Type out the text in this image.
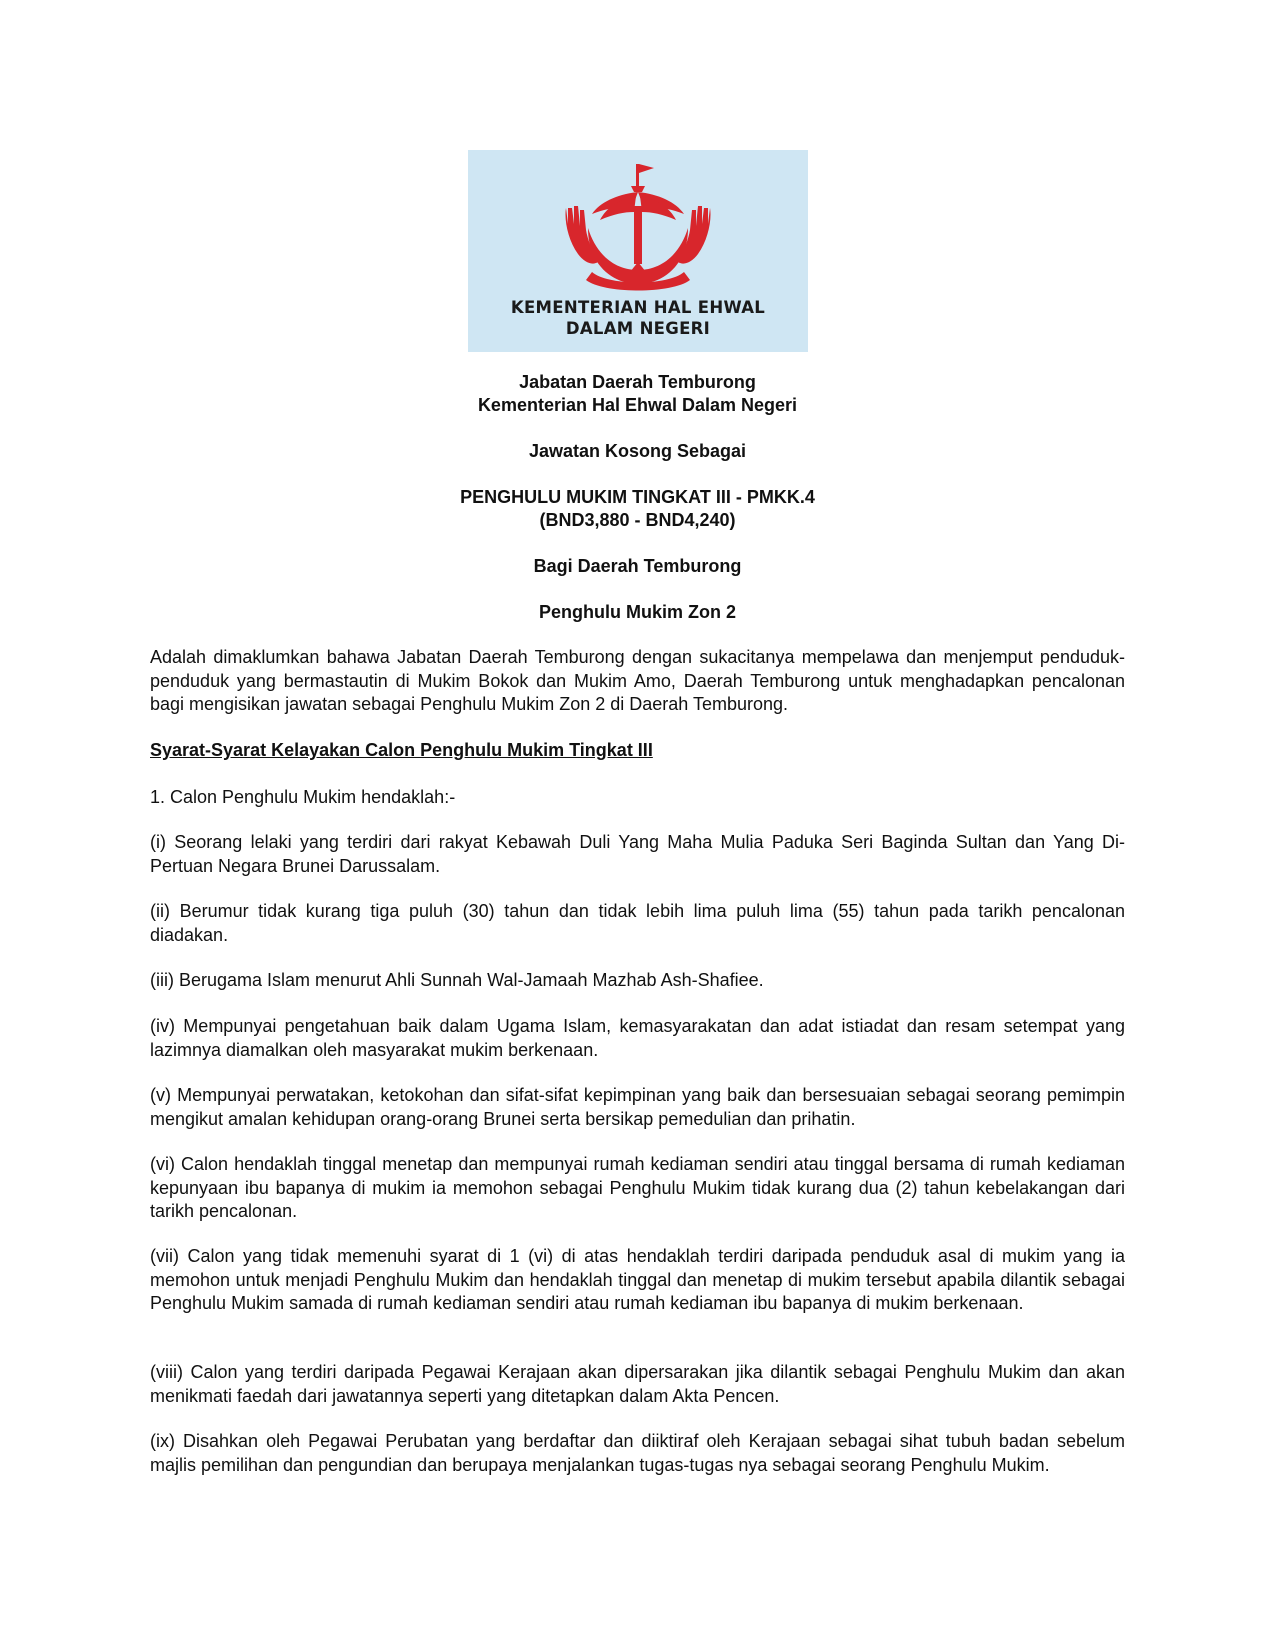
KEMENTERIAN HAL EHWAL
DALAM NEGERI

Jabatan Daerah Temburong

Kementerian Hal Ehwal Dalam Negeri

Jawatan Kosong Sebagai

PENGHULU MUKIM TINGKAT III - PMKK.4

(BND3,880 - BND4,240)

Bagi Daerah Temburong

Penghulu Mukim Zon 2

Adalah dimaklumkan bahawa Jabatan Daerah Temburong dengan sukacitanya mempelawa dan menjemput penduduk-penduduk yang bermastautin di Mukim Bokok dan Mukim Amo, Daerah Temburong untuk menghadapkan pencalonan bagi mengisikan jawatan sebagai Penghulu Mukim Zon 2 di Daerah Temburong.

Syarat-Syarat Kelayakan Calon Penghulu Mukim Tingkat III

1. Calon Penghulu Mukim hendaklah:-

(i) Seorang lelaki yang terdiri dari rakyat Kebawah Duli Yang Maha Mulia Paduka Seri Baginda Sultan dan Yang Di-Pertuan Negara Brunei Darussalam.

(ii) Berumur tidak kurang tiga puluh (30) tahun dan tidak lebih lima puluh lima (55) tahun pada tarikh pencalonan diadakan.

(iii) Berugama Islam menurut Ahli Sunnah Wal-Jamaah Mazhab Ash-Shafiee.

(iv) Mempunyai pengetahuan baik dalam Ugama Islam, kemasyarakatan dan adat istiadat dan resam setempat yang lazimnya diamalkan oleh masyarakat mukim berkenaan.

(v) Mempunyai perwatakan, ketokohan dan sifat-sifat kepimpinan yang baik dan bersesuaian sebagai seorang pemimpin mengikut amalan kehidupan orang-orang Brunei serta bersikap pemedulian dan prihatin.

(vi) Calon hendaklah tinggal menetap dan mempunyai rumah kediaman sendiri atau tinggal bersama di rumah kediaman kepunyaan ibu bapanya di mukim ia memohon sebagai Penghulu Mukim tidak kurang dua (2) tahun kebelakangan dari tarikh pencalonan.

(vii) Calon yang tidak memenuhi syarat di 1 (vi) di atas hendaklah terdiri daripada penduduk asal di mukim yang ia memohon untuk menjadi Penghulu Mukim dan hendaklah tinggal dan menetap di mukim tersebut apabila dilantik sebagai Penghulu Mukim samada di rumah kediaman sendiri atau rumah kediaman ibu bapanya di mukim berkenaan.

(viii) Calon yang terdiri daripada Pegawai Kerajaan akan dipersarakan jika dilantik sebagai Penghulu Mukim dan akan menikmati faedah dari jawatannya seperti yang ditetapkan dalam Akta Pencen.

(ix) Disahkan oleh Pegawai Perubatan yang berdaftar dan diiktiraf oleh Kerajaan sebagai sihat tubuh badan sebelum majlis pemilihan dan pengundian dan berupaya menjalankan tugas-tugas nya sebagai seorang Penghulu Mukim.
